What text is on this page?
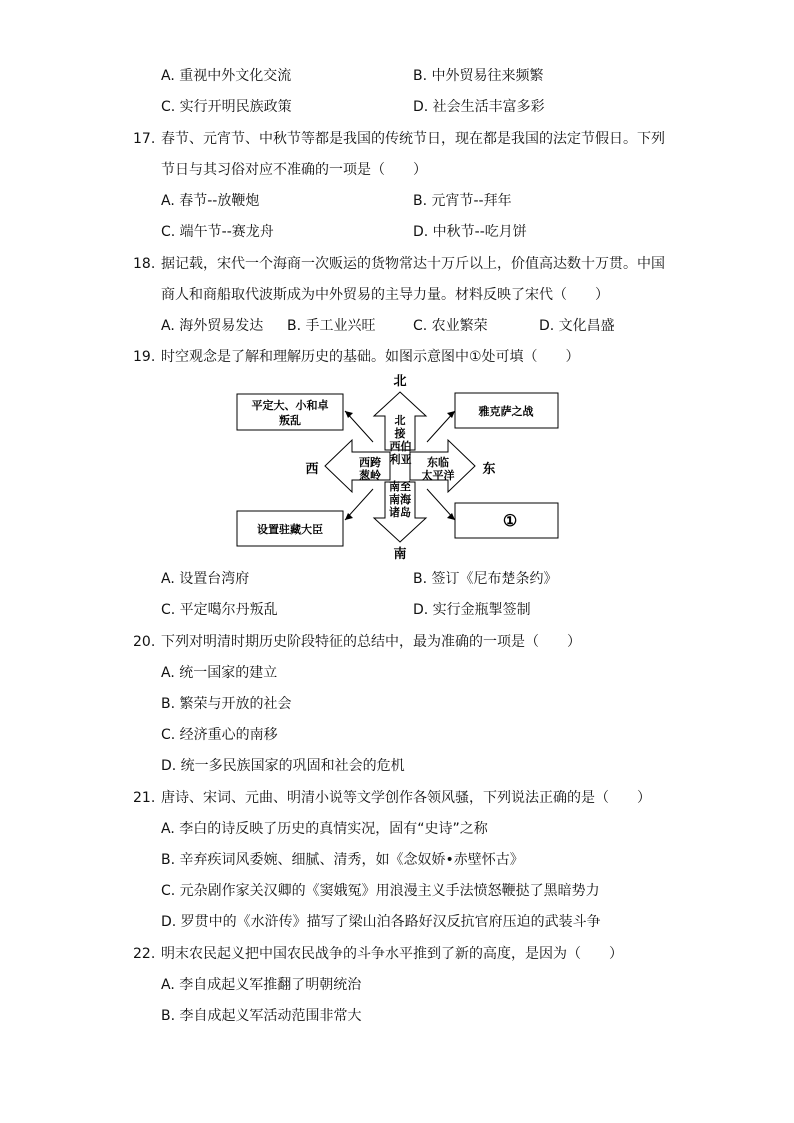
A. 重视中外文化交流	B. 中外贸易往来频繁
C. 实行开明民族政策	D. 社会生活丰富多彩
17. 春节、元宵节、中秋节等都是我国的传统节日，现在都是我国的法定节假日。下列
节日与其习俗对应不准确的一项是（　　）
A. 春节--放鞭炮	B. 元宵节--拜年
C. 端午节--赛龙舟	D. 中秋节--吃月饼
18. 据记载，宋代一个海商一次贩运的货物常达十万斤以上，价值高达数十万贯。中国
商人和商船取代波斯成为中外贸易的主导力量。材料反映了宋代（　　）
A. 海外贸易发达 B. 手工业兴旺	C. 农业繁荣	D. 文化昌盛
19. 时空观念是了解和理解历史的基础。如图示意图中①处可填（　　）
北
南
西	东
北
接
西 伯
利 亚
西跨
葱岭
东临
太平洋
南至
南海
诸岛
平定大、小和卓
叛乱
雅克萨之战
设置驻藏大臣	①
A. 设置台湾府	B. 签订《尼布楚条约》
C. 平定噶尔丹叛乱	D. 实行金瓶掣签制
20. 下列对明清时期历史阶段特征的总结中，最为准确的一项是（　　）
A. 统一国家的建立
B. 繁荣与开放的社会
C. 经济重心的南移
D. 统一多民族国家的巩固和社会的危机
21. 唐诗、宋词、元曲、明清小说等文学创作各领风骚，下列说法正确的是（　　）
A. 李白的诗反映了历史的真情实况，固有“史诗”之称
B. 辛弃疾词风委婉、细腻、清秀，如《念奴娇•赤壁怀古》
C. 元杂剧作家关汉卿的《窦娥冤》用浪漫主义手法愤怒鞭挞了黑暗势力
D. 罗贯中的《水浒传》描写了梁山泊各路好汉反抗官府压迫的武装斗争
22. 明末农民起义把中国农民战争的斗争水平推到了新的高度，是因为（　　）
A. 李自成起义军推翻了明朝统治
B. 李自成起义军活动范围非常大
